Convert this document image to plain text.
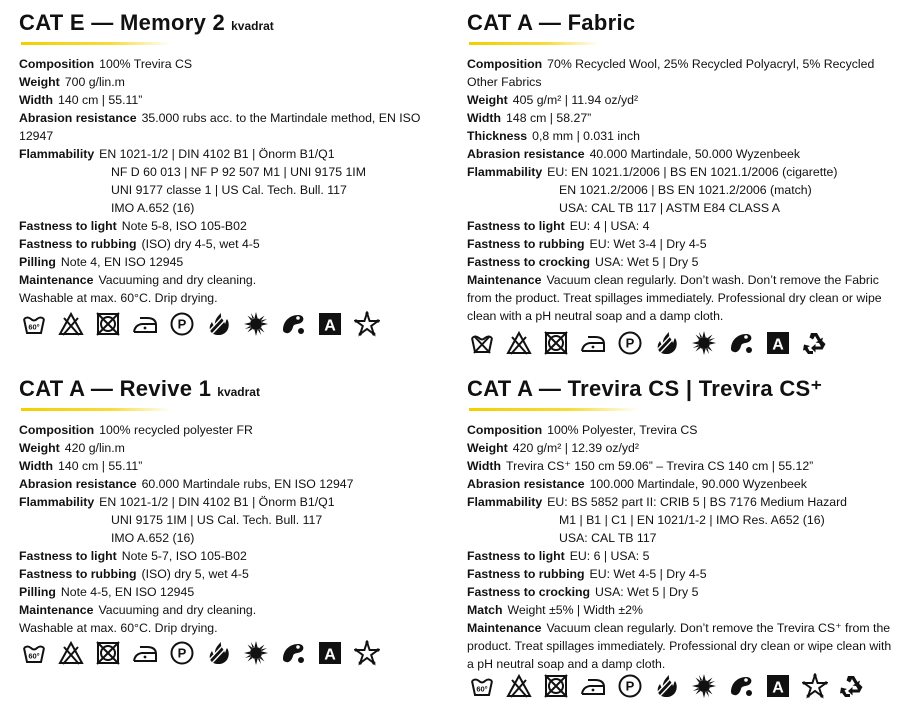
CAT E — Memory 2 kvadrat
Composition 100% Trevira CS
Weight 700 g/lin.m
Width 140 cm | 55.11”
Abrasion resistance 35.000 rubs acc. to the Martindale method, EN ISO 12947
Flammability EN 1021-1/2 | DIN 4102 B1 | Önorm B1/Q1
NF D 60 013 | NF P 92 507 M1 | UNI 9175 1IM
UNI 9177 classe 1 | US Cal. Tech. Bull. 117
IMO A.652 (16)
Fastness to light Note 5-8, ISO 105-B02
Fastness to rubbing (ISO) dry 4-5, wet 4-5
Pilling Note 4, EN ISO 12945
Maintenance Vacuuming and dry cleaning.
Washable at max. 60°C. Drip drying.
60°	P	A
CAT A — Fabric
Composition 70% Recycled Wool, 25% Recycled Polyacryl, 5% Recycled Other Fabrics
Weight 405 g/m² | 11.94 oz/yd²
Width 148 cm | 58.27”
Thickness 0,8 mm | 0.031 inch
Abrasion resistance 40.000 Martindale, 50.000 Wyzenbeek
Flammability EU: EN 1021.1/2006 | BS EN 1021.1/2006 (cigarette)
EN 1021.2/2006 | BS EN 1021.2/2006 (match)
USA: CAL TB 117 | ASTM E84 CLASS A
Fastness to light EU: 4 | USA: 4
Fastness to rubbing EU: Wet 3-4 | Dry 4-5
Fastness to crocking USA: Wet 5 | Dry 5
Maintenance Vacuum clean regularly. Don’t wash. Don’t remove the Fabric from the product. Treat spillages immediately. Professional dry clean or wipe clean with a pH neutral soap and a damp cloth.
P	A
CAT A — Revive 1 kvadrat
Composition 100% recycled polyester FR
Weight 420 g/lin.m
Width 140 cm | 55.11”
Abrasion resistance 60.000 Martindale rubs, EN ISO 12947
Flammability EN 1021-1/2 | DIN 4102 B1 | Önorm B1/Q1
UNI 9175 1IM | US Cal. Tech. Bull. 117
IMO A.652 (16)
Fastness to light Note 5-7, ISO 105-B02
Fastness to rubbing (ISO) dry 5, wet 4-5
Pilling Note 4-5, EN ISO 12945
Maintenance Vacuuming and dry cleaning.
Washable at max. 60°C. Drip drying.
60°	P	A
CAT A — Trevira CS | Trevira CS⁺
Composition 100% Polyester, Trevira CS
Weight 420 g/m² | 12.39 oz/yd²
Width Trevira CS⁺ 150 cm 59.06” – Trevira CS 140 cm | 55.12”
Abrasion resistance 100.000 Martindale, 90.000 Wyzenbeek
Flammability EU: BS 5852 part II: CRIB 5 | BS 7176 Medium Hazard
M1 | B1 | C1 | EN 1021/1-2 | IMO Res. A652 (16)
USA: CAL TB 117
Fastness to light EU: 6 | USA: 5
Fastness to rubbing EU: Wet 4-5 | Dry 4-5
Fastness to crocking USA: Wet 5 | Dry 5
Match Weight ±5% | Width ±2%
Maintenance Vacuum clean regularly. Don’t remove the Trevira CS⁺ from the product. Treat spillages immediately. Professional dry clean or wipe clean with a pH neutral soap and a damp cloth.
60°	P	A
